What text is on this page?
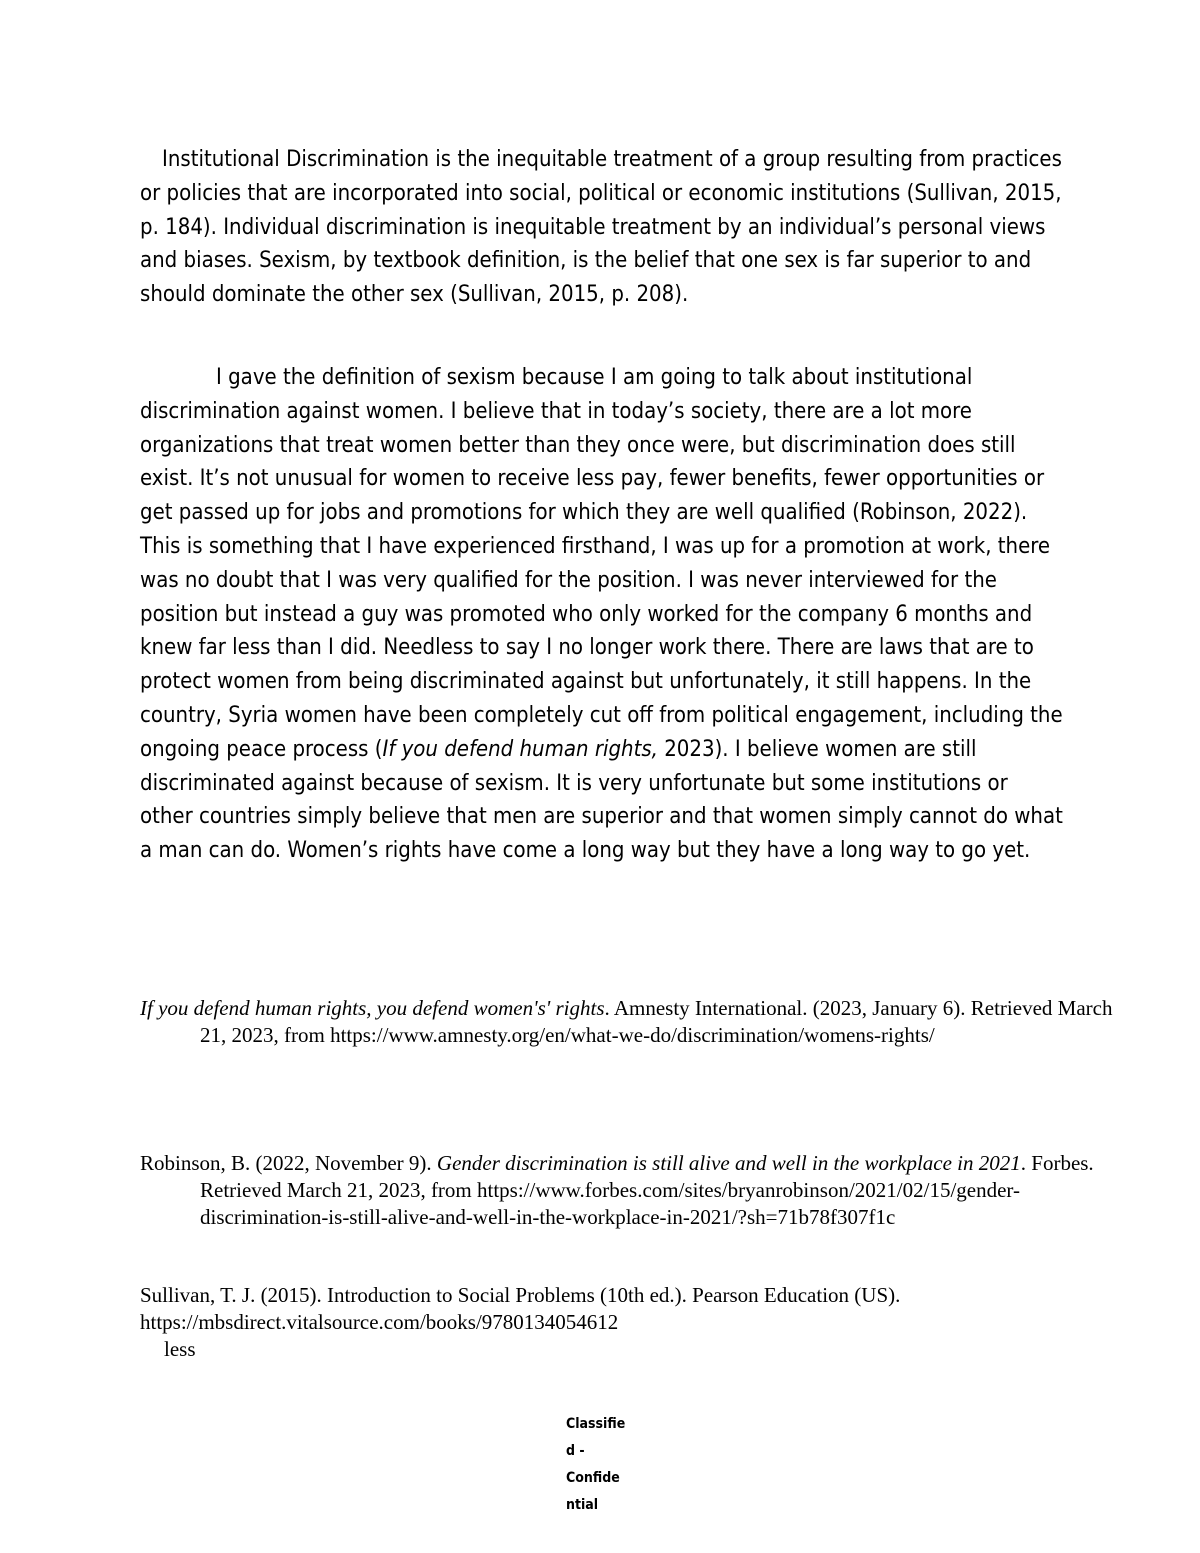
Institutional Discrimination is the inequitable treatment of a group resulting from practices or policies that are incorporated into social, political or economic institutions (Sullivan, 2015, p. 184). Individual discrimination is inequitable treatment by an individual’s personal views and biases. Sexism, by textbook definition, is the belief that one sex is far superior to and should dominate the other sex (Sullivan, 2015, p. 208).

I gave the definition of sexism because I am going to talk about institutional discrimination against women. I believe that in today’s society, there are a lot more organizations that treat women better than they once were, but discrimination does still exist. It’s not unusual for women to receive less pay, fewer benefits, fewer opportunities or get passed up for jobs and promotions for which they are well qualified (Robinson, 2022). This is something that I have experienced firsthand, I was up for a promotion at work, there was no doubt that I was very qualified for the position. I was never interviewed for the position but instead a guy was promoted who only worked for the company 6 months and knew far less than I did. Needless to say I no longer work there. There are laws that are to protect women from being discriminated against but unfortunately, it still happens. In the country, Syria women have been completely cut off from political engagement, including the ongoing peace process (If you defend human rights, 2023). I believe women are still discriminated against because of sexism. It is very unfortunate but some institutions or other countries simply believe that men are superior and that women simply cannot do what a man can do. Women’s rights have come a long way but they have a long way to go yet.

If you defend human rights, you defend women's' rights. Amnesty International. (2023, January 6). Retrieved March 21, 2023, from https://www.amnesty.org/en/what-we-do/discrimination/womens-rights/

Robinson, B. (2022, November 9). Gender discrimination is still alive and well in the workplace in 2021. Forbes. Retrieved March 21, 2023, from https://www.forbes.com/sites/bryanrobinson/2021/02/15/gender-discrimination-is-still-alive-and-well-in-the-workplace-in-2021/?sh=71b78f307f1c

Sullivan, T. J. (2015). Introduction to Social Problems (10th ed.). Pearson Education (US).
https://mbsdirect.vitalsource.com/books/9780134054612
less

Classifie
d -
Confide
ntial
